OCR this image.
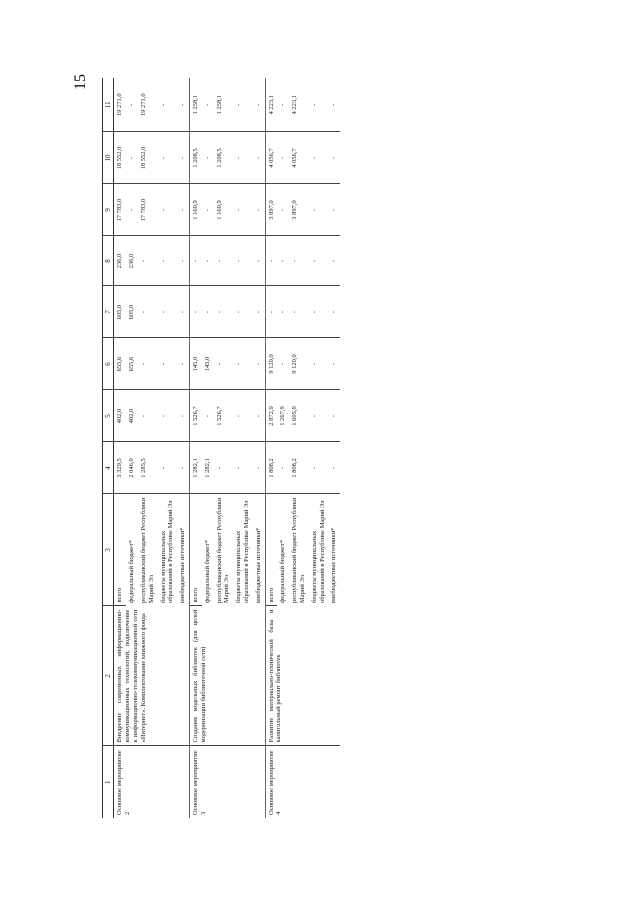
15
1	2	3	4	5	6	7	8	9	10	11
Основное мероприятие 2	Внедрение современных информационно-коммуникационных технологий, подключение к информационно-телекоммуникационной сети «Интернет». Комплектование книжного фонда	всего	3 329,5	402,0	655,6	605,0	236,0	17 783,0	18 552,0	19 271,0
		федеральный бюджет*	2 046,0	402,0	655,6	605,0	236,0	-	-	-
		республиканский бюджет Республики Марий Эл	1 283,5	-	-	-	-	17 783,0	18 552,0	19 271,0
		бюджеты муниципальных образований в Республике Марий Эл	-	-	-	-	-	-	-	-
		внебюджетные источники*	-	-	-	-	-	-	-	-
Основное мероприятие 3	Создание модельных библиотек (для целей модернизации библиотечной сети)	всего	1 282,1	1 526,7	145,0	-	-	1 160,9	1 208,5	1 258,1
		федеральный бюджет*	1 282,1	-	145,0	-	-	-	-	-
		республиканский бюджет Республики Марий Эл	-	1 526,7	-	-	-	1 160,9	1 208,5	1 258,1
		бюджеты муниципальных образований в Республике Марий Эл	-	-	-	-	-	-	-	-
		внебюджетные источники*	-	-	-	-	-	-	-	-
Основное мероприятие 4	Развитие материально-технической базы и капитальный ремонт библиотек	всего	1 808,2	2 872,9	9 120,0	-	-	3 897,0	4 056,7	4 223,1
		федеральный бюджет*	-	1 267,9	-	-	-	-	-	-
		республиканский бюджет Республики Марий Эл	1 808,2	1 605,0	9 120,0	-	-	3 897,0	4 056,7	4 223,1
		бюджеты муниципальных образований в Республике Марий Эл	-	-	-	-	-	-	-	-
		внебюджетные источники*	-	-	-	-	-	-	-	-
